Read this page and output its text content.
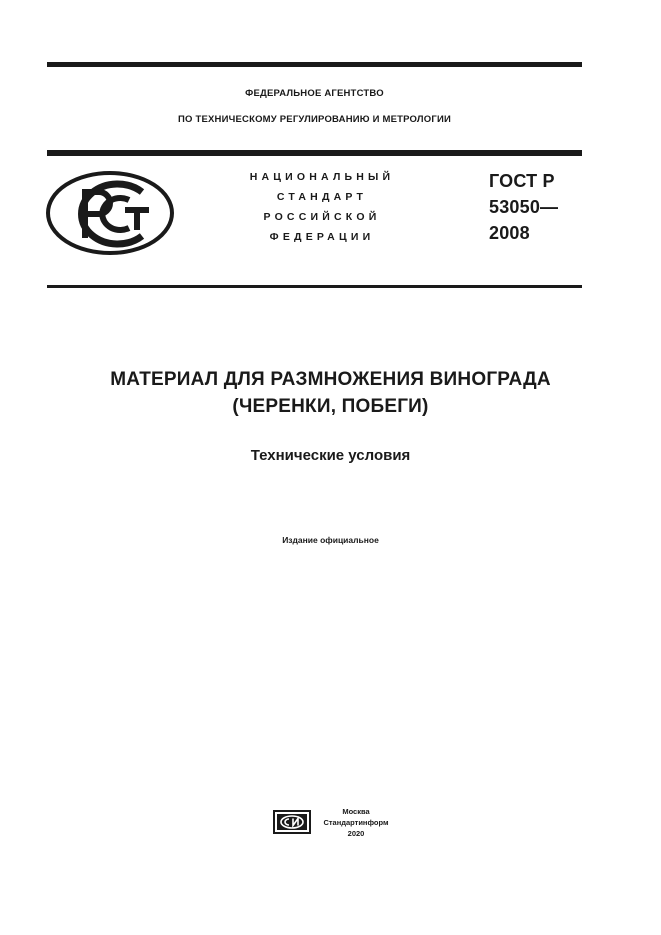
ФЕДЕРАЛЬНОЕ АГЕНТСТВО
ПО ТЕХНИЧЕСКОМУ РЕГУЛИРОВАНИЮ И МЕТРОЛОГИИ
НАЦИОНАЛЬНЫЙ
СТАНДАРТ
РОССИЙСКОЙ
ФЕДЕРАЦИИ
ГОСТ Р
53050—
2008
МАТЕРИАЛ ДЛЯ РАЗМНОЖЕНИЯ ВИНОГРАДА
(ЧЕРЕНКИ, ПОБЕГИ)
Технические условия
Издание официальное
Москва
Стандартинформ
2020
